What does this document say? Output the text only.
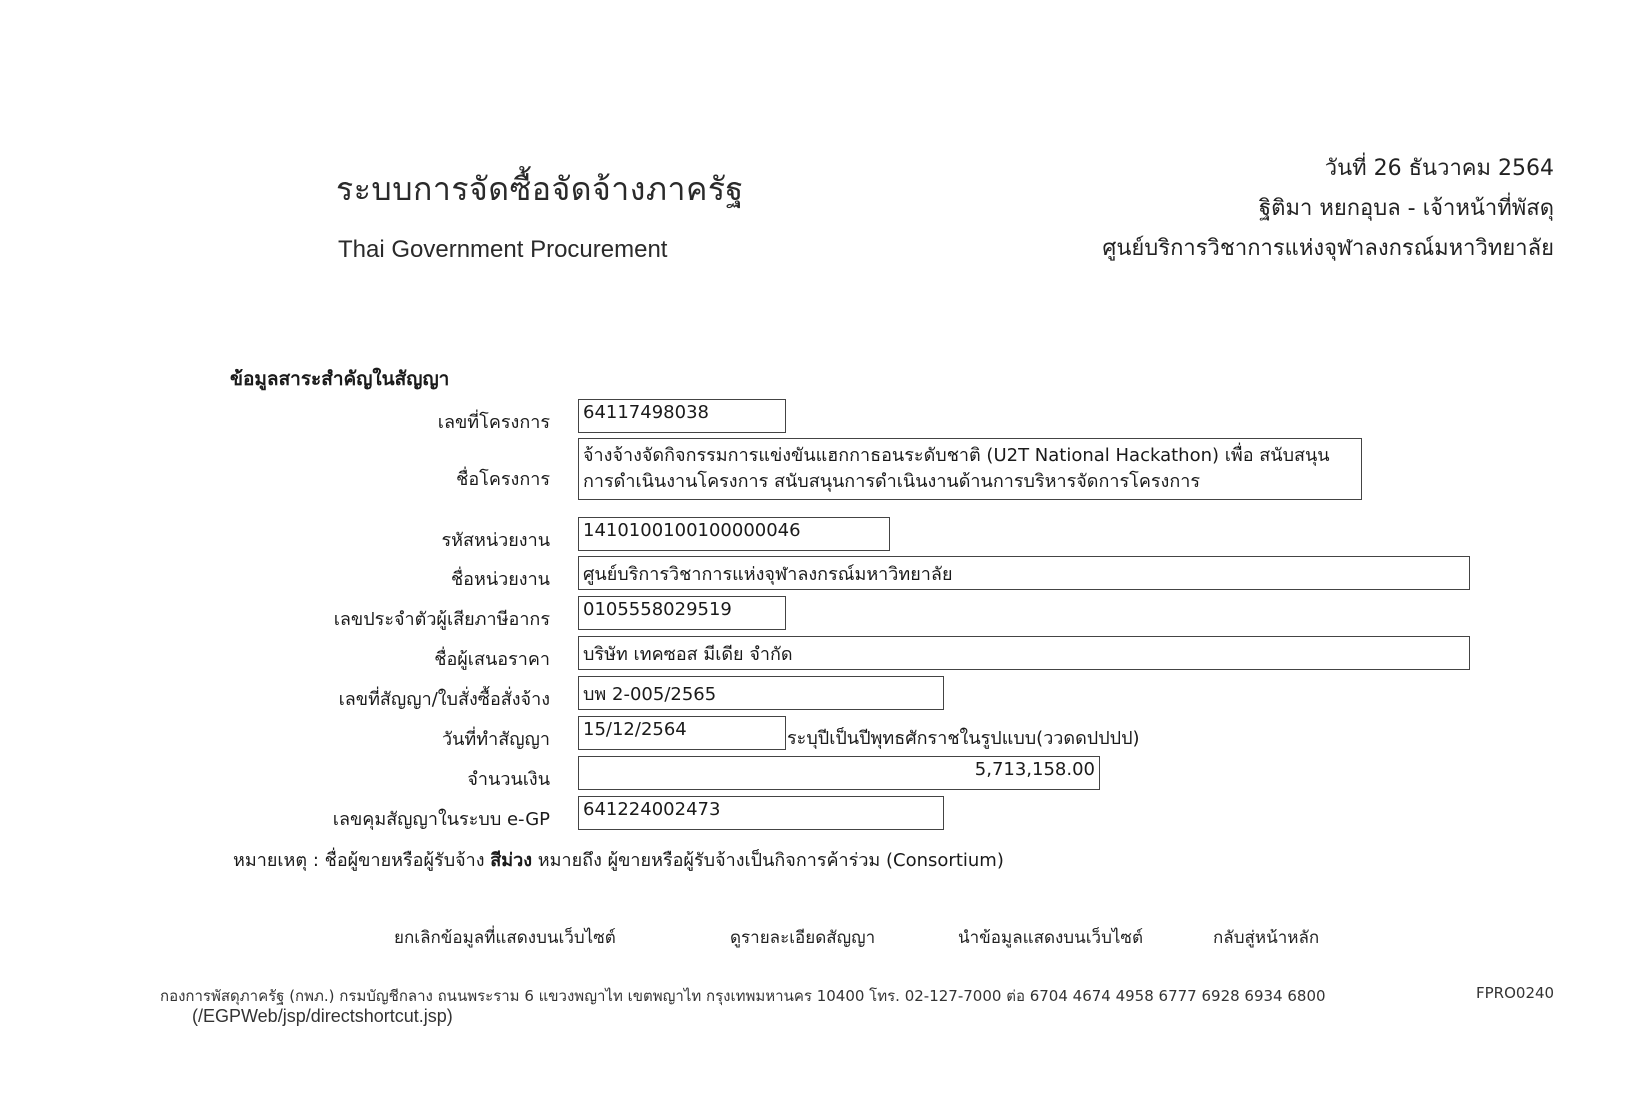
ระบบการจัดซื้อจัดจ้างภาครัฐ
Thai Government Procurement
วันที่ 26 ธันวาคม 2564
ฐิติมา หยกอุบล - เจ้าหน้าที่พัสดุ
ศูนย์บริการวิชาการแห่งจุฬาลงกรณ์มหาวิทยาลัย
ข้อมูลสาระสำคัญในสัญญา
เลขที่โครงการ 64117498038
ชื่อโครงการ
จ้างจ้างจัดกิจกรรมการแข่งขันแฮกกาธอนระดับชาติ (U2T National Hackathon) เพื่อ สนับสนุนการดำเนินงานโครงการ สนับสนุนการดำเนินงานด้านการบริหารจัดการโครงการ
รหัสหน่วยงาน 1410100100100000046
ชื่อหน่วยงาน ศูนย์บริการวิชาการแห่งจุฬาลงกรณ์มหาวิทยาลัย
เลขประจำตัวผู้เสียภาษีอากร 0105558029519
ชื่อผู้เสนอราคา บริษัท เทคซอส มีเดีย จำกัด
เลขที่สัญญา/ใบสั่งซื้อสั่งจ้าง บพ 2-005/2565
วันที่ทำสัญญา 15/12/2564	ระบุปีเป็นปีพุทธศักราชในรูปแบบ(ววดดปปปป)
จำนวนเงิน	5,713,158.00
เลขคุมสัญญาในระบบ e-GP 641224002473
หมายเหตุ : ชื่อผู้ขายหรือผู้รับจ้าง สีม่วง หมายถึง ผู้ขายหรือผู้รับจ้างเป็นกิจการค้าร่วม (Consortium)
ยกเลิกข้อมูลที่แสดงบนเว็บไซต์	ดูรายละเอียดสัญญา	นำข้อมูลแสดงบนเว็บไซต์	กลับสู่หน้าหลัก
กองการพัสดุภาครัฐ (กพภ.) กรมบัญชีกลาง ถนนพระราม 6 แขวงพญาไท เขตพญาไท กรุงเทพมหานคร 10400 โทร. 02-127-7000 ต่อ 6704 4674 4958 6777 6928 6934 6800	FPRO0240
(/EGPWeb/jsp/directshortcut.jsp)
